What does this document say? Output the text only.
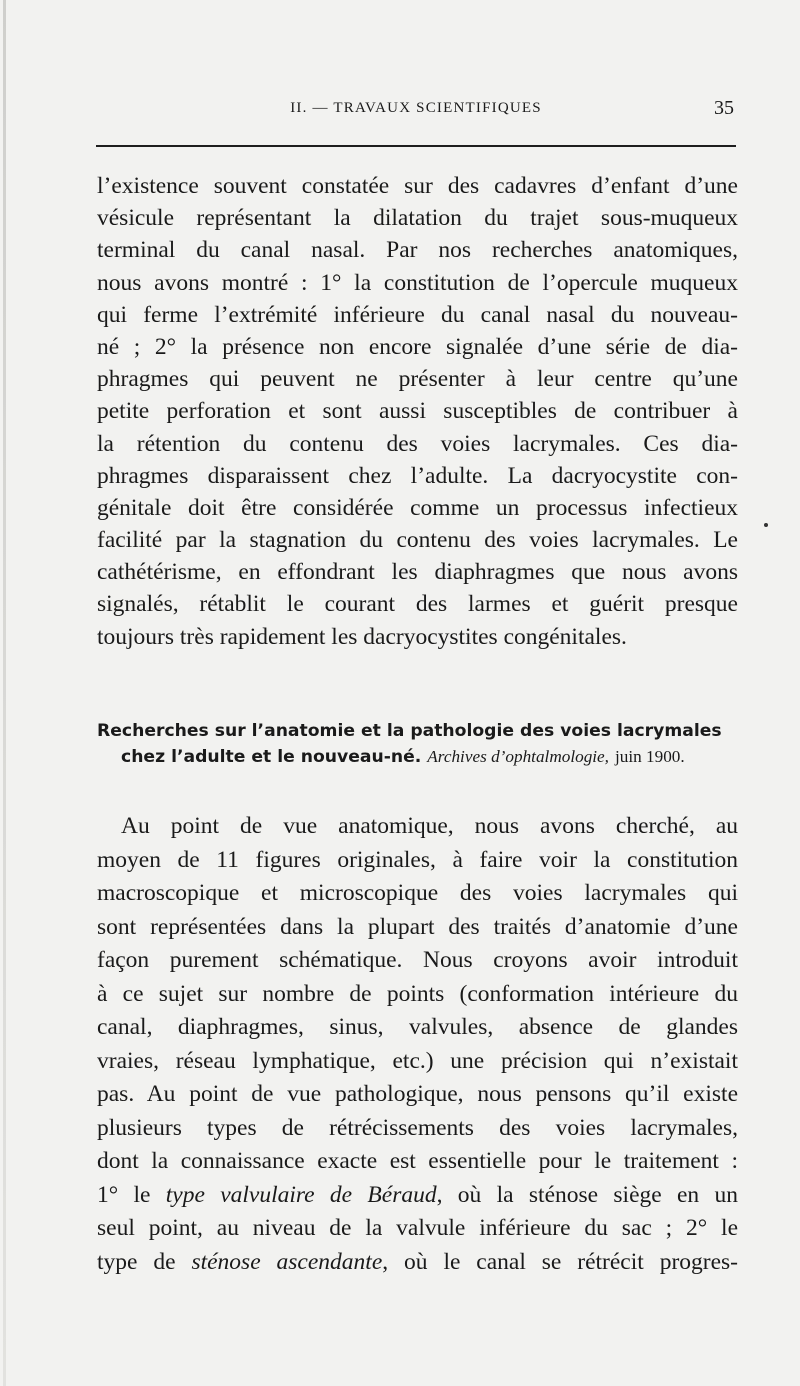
II. — TRAVAUX SCIENTIFIQUES	35
l’existence souvent constatée sur des cadavres d’enfant d’une
vésicule représentant la dilatation du trajet sous-muqueux
terminal du canal nasal. Par nos recherches anatomiques,
nous avons montré : 1° la constitution de l’opercule muqueux
qui ferme l’extrémité inférieure du canal nasal du nouveau-
né ; 2° la présence non encore signalée d’une série de dia-
phragmes qui peuvent ne présenter à leur centre qu’une
petite perforation et sont aussi susceptibles de contribuer à
la rétention du contenu des voies lacrymales. Ces dia-
phragmes disparaissent chez l’adulte. La dacryocystite con-
génitale doit être considérée comme un processus infectieux
facilité par la stagnation du contenu des voies lacrymales. Le
cathétérisme, en effondrant les diaphragmes que nous avons
signalés, rétablit le courant des larmes et guérit presque
toujours très rapidement les dacryocystites congénitales.
Recherches sur l’anatomie et la pathologie des voies lacrymales
chez l’adulte et le nouveau-né. Archives d’ophtalmologie, juin 1900.
Au point de vue anatomique, nous avons cherché, au
moyen de 11 figures originales, à faire voir la constitution
macroscopique et microscopique des voies lacrymales qui
sont représentées dans la plupart des traités d’anatomie d’une
façon purement schématique. Nous croyons avoir introduit
à ce sujet sur nombre de points (conformation intérieure du
canal, diaphragmes, sinus, valvules, absence de glandes
vraies, réseau lymphatique, etc.) une précision qui n’existait
pas. Au point de vue pathologique, nous pensons qu’il existe
plusieurs types de rétrécissements des voies lacrymales,
dont la connaissance exacte est essentielle pour le traitement :
1° le type valvulaire de Béraud, où la sténose siège en un
seul point, au niveau de la valvule inférieure du sac ; 2° le
type de sténose ascendante, où le canal se rétrécit progres-
